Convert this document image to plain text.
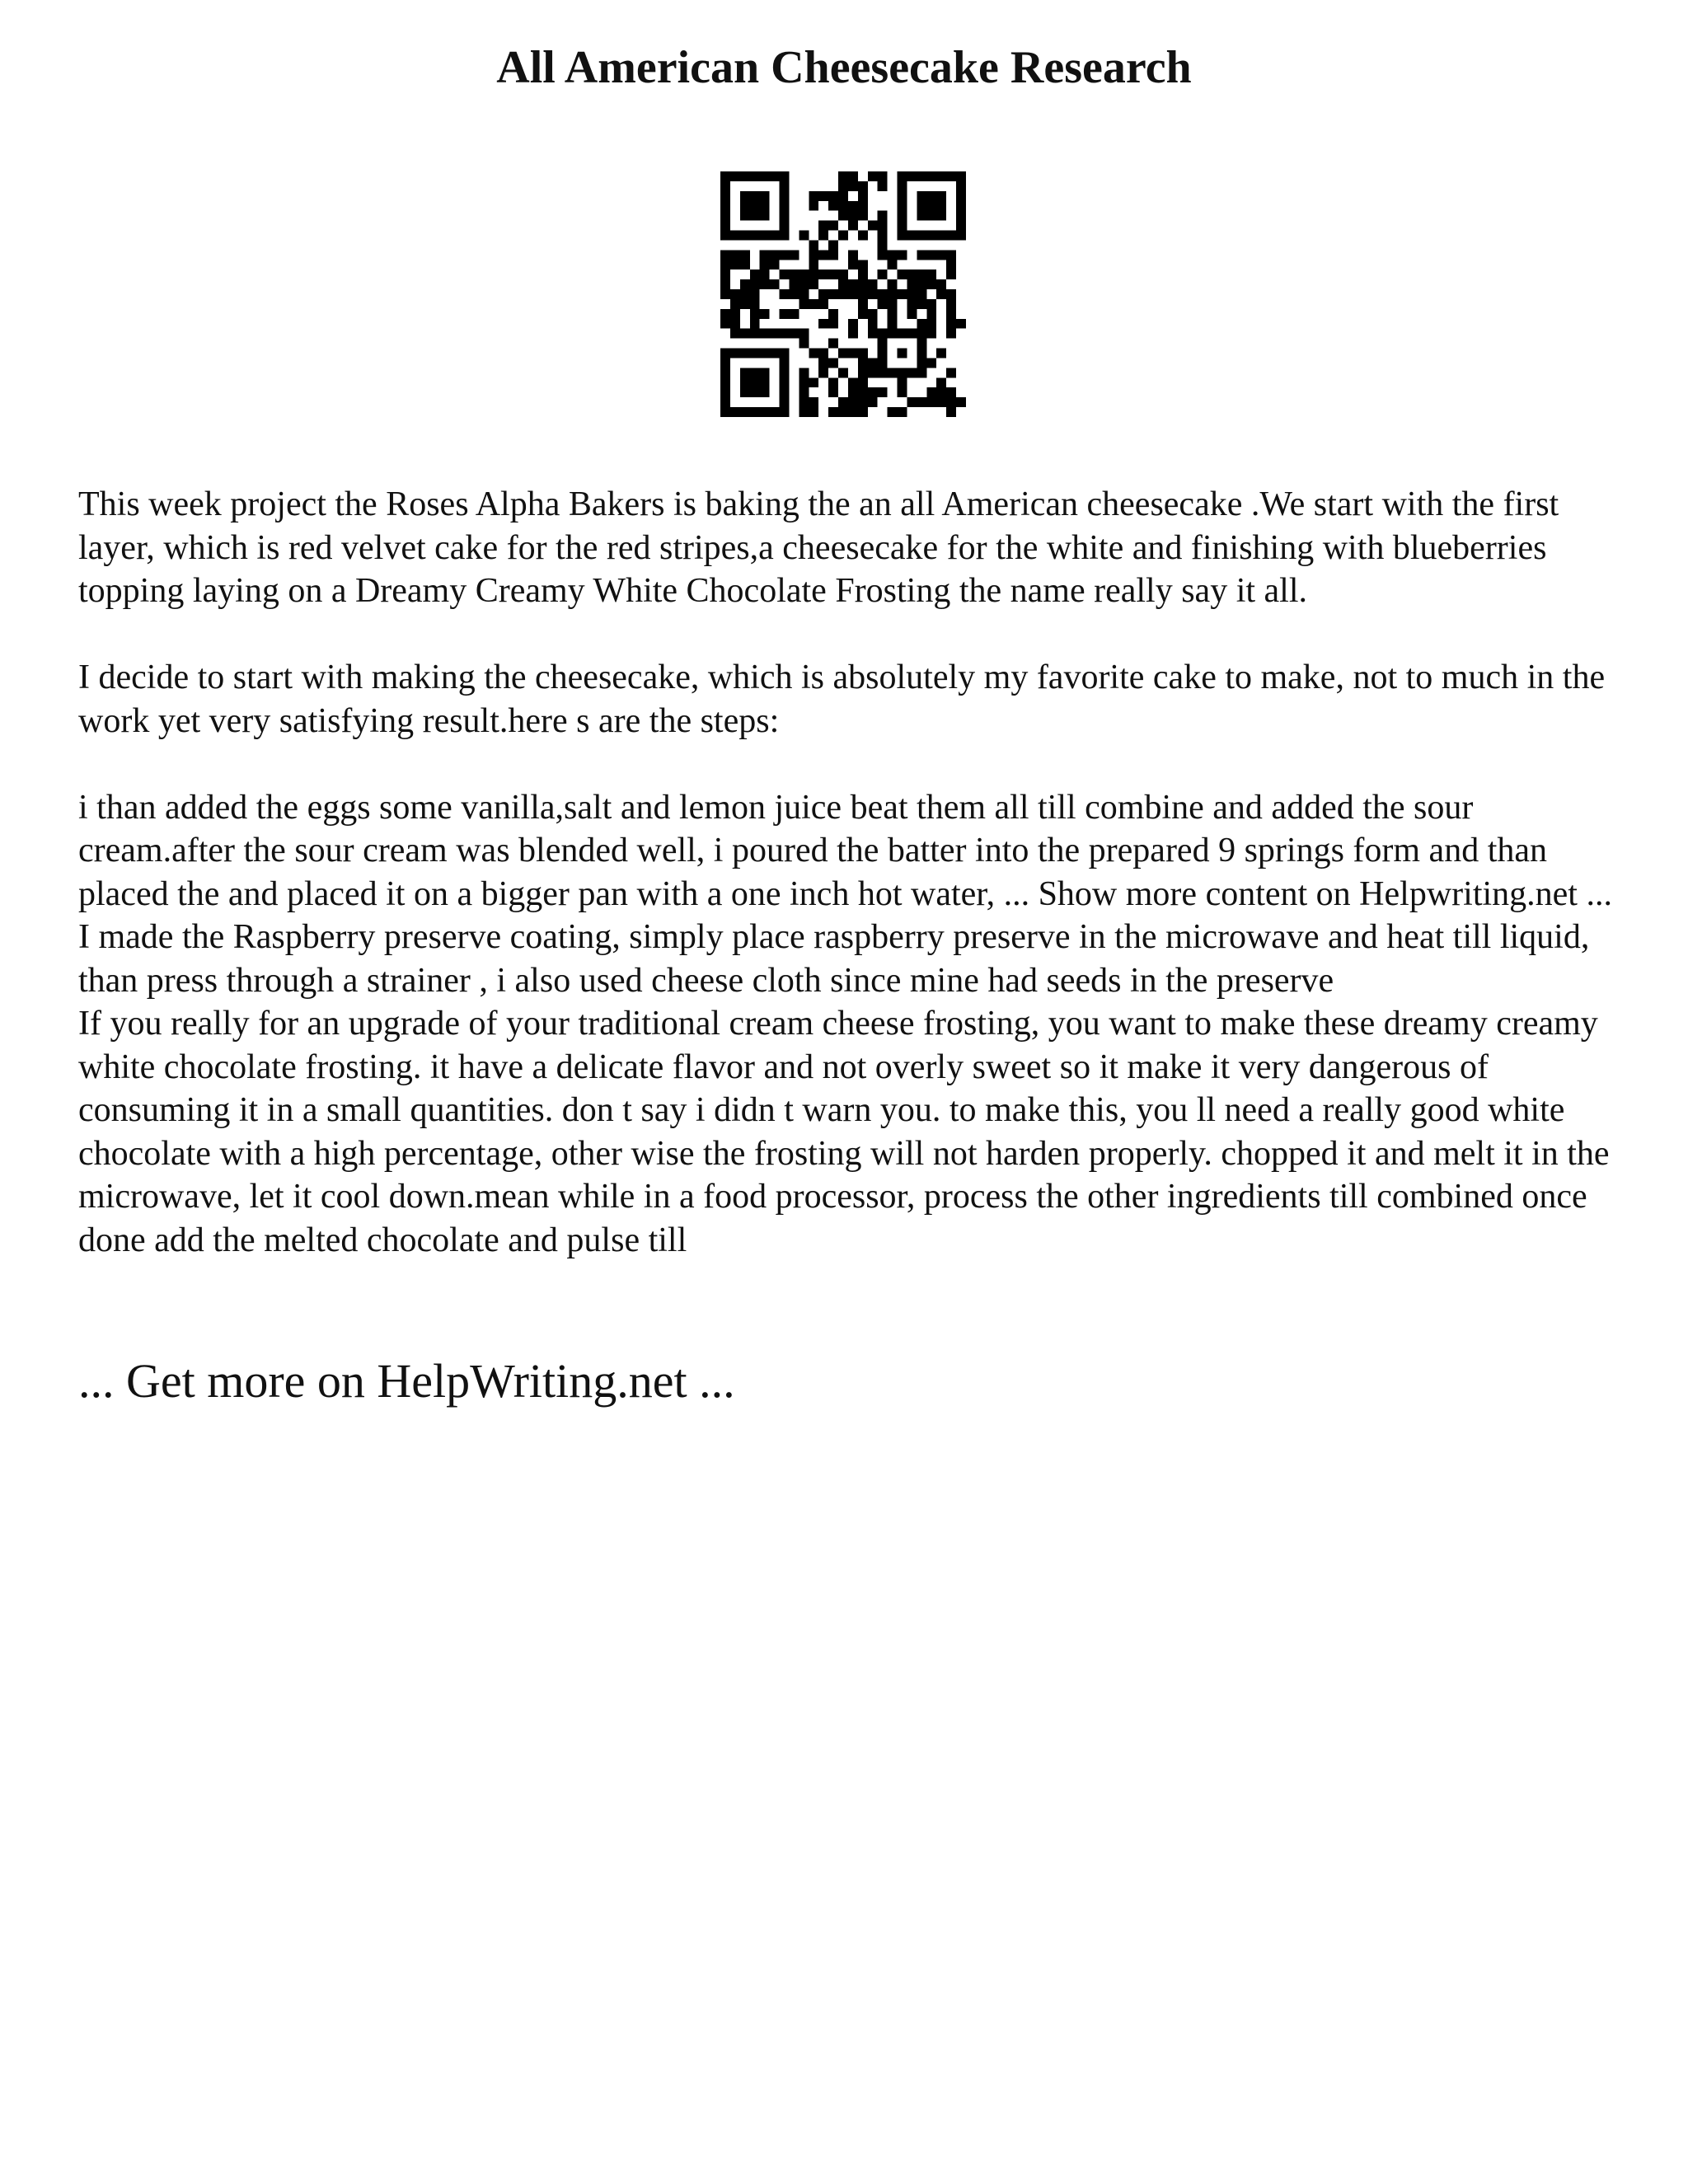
All American Cheesecake Research

This week project the Roses Alpha Bakers is baking the an all American cheesecake .We start with the first layer, which is red velvet cake for the red stripes,a cheesecake for the white and finishing with blueberries topping laying on a Dreamy Creamy White Chocolate Frosting the name really say it all.

I decide to start with making the cheesecake, which is absolutely my favorite cake to make, not to much in the work yet very satisfying result.here s are the steps:

i than added the eggs some vanilla,salt and lemon juice beat them all till combine and added the sour cream.after the sour cream was blended well, i poured the batter into the prepared 9 springs form and than placed the and placed it on a bigger pan with a one inch hot water, ... Show more content on Helpwriting.net ...

I made the Raspberry preserve coating, simply place raspberry preserve in the microwave and heat till liquid, than press through a strainer , i also used cheese cloth since mine had seeds in the preserve

If you really for an upgrade of your traditional cream cheese frosting, you want to make these dreamy creamy white chocolate frosting. it have a delicate flavor and not overly sweet so it make it very dangerous of consuming it in a small quantities. don t say i didn t warn you. to make this, you ll need a really good white chocolate with a high percentage, other wise the frosting will not harden properly. chopped it and melt it in the microwave, let it cool down.mean while in a food processor, process the other ingredients till combined once done add the melted chocolate and pulse till

... Get more on HelpWriting.net ...
